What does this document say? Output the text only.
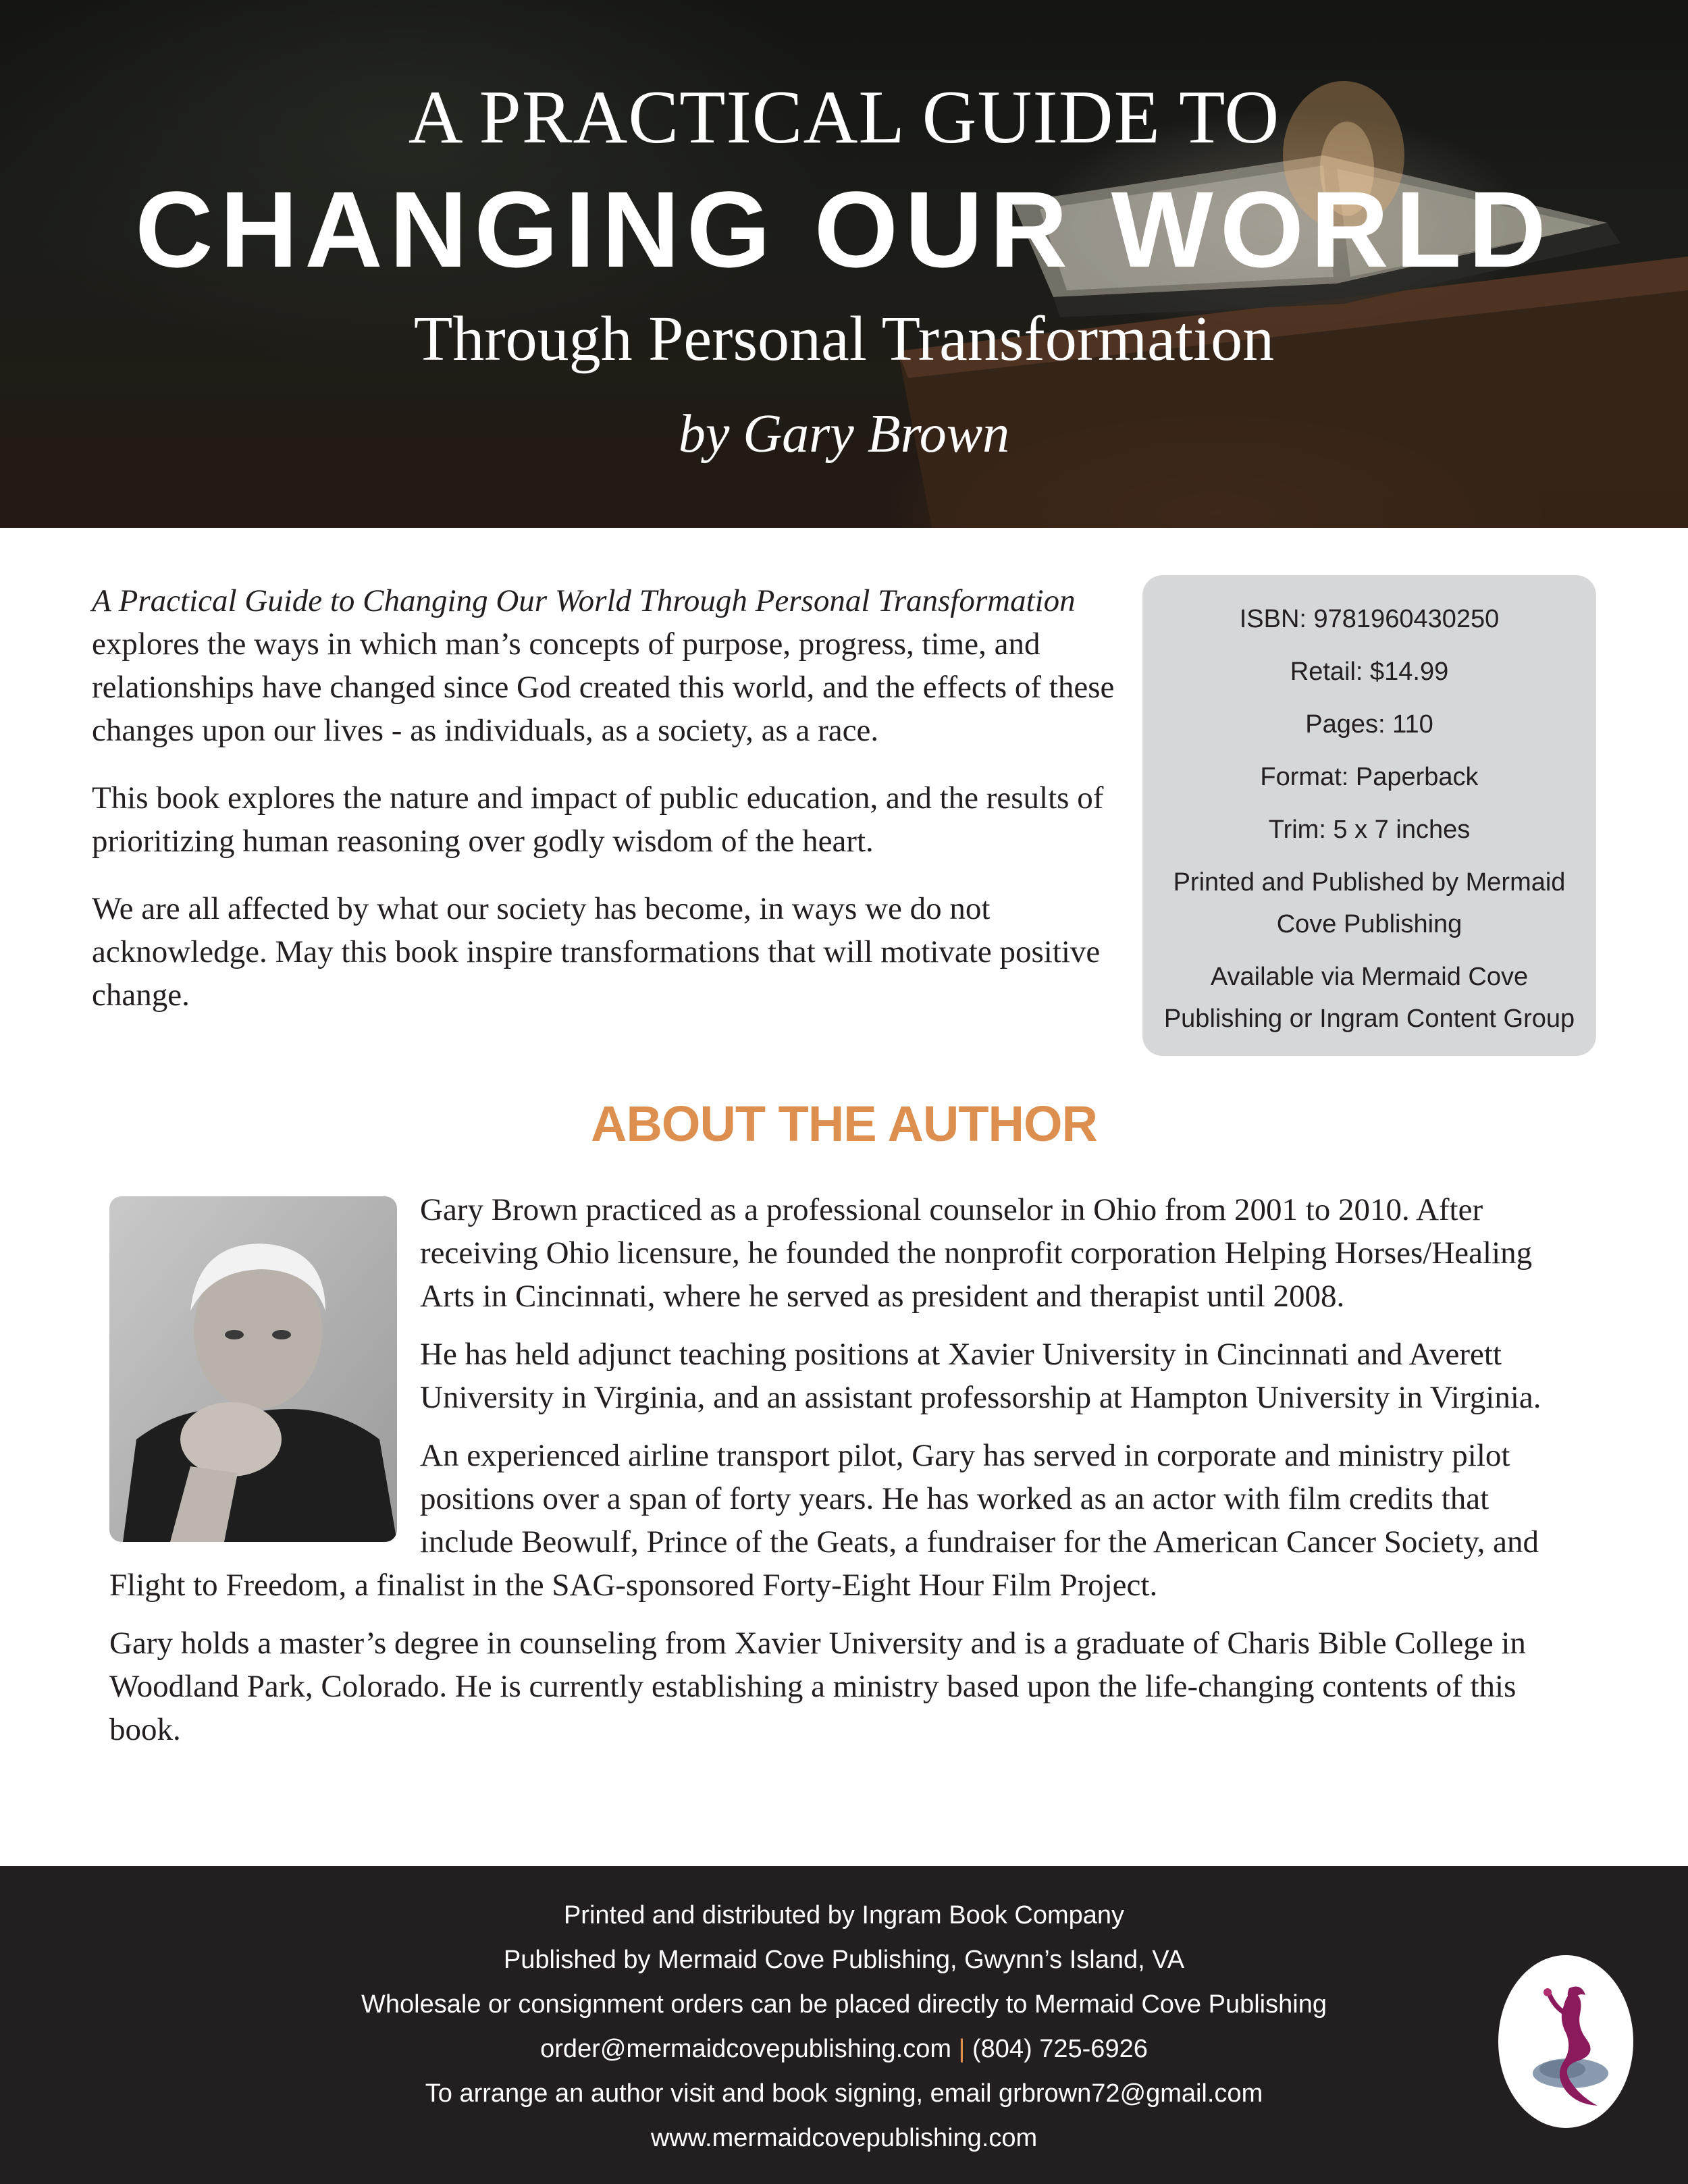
A PRACTICAL GUIDE TO
CHANGING OUR WORLD
Through Personal Transformation
by Gary Brown

A Practical Guide to Changing Our World Through Personal Transformation explores the ways in which man’s concepts of purpose, progress, time, and relationships have changed since God created this world, and the effects of these changes upon our lives - as individuals, as a society, as a race.

This book explores the nature and impact of public education, and the results of prioritizing human reasoning over godly wisdom of the heart.

We are all affected by what our society has become, in ways we do not acknowledge. May this book inspire transformations that will motivate positive change.

ISBN: 9781960430250
Retail: $14.99
Pages: 110
Format: Paperback
Trim: 5 x 7 inches
Printed and Published by Mermaid
Cove Publishing
Available via Mermaid Cove
Publishing or Ingram Content Group
ABOUT THE AUTHOR

Gary Brown practiced as a professional counselor in Ohio from 2001 to 2010. After receiving Ohio licensure, he founded the nonprofit corporation Helping Horses/Healing Arts in Cincinnati, where he served as president and therapist until 2008.

He has held adjunct teaching positions at Xavier University in Cincinnati and Averett University in Virginia, and an assistant professorship at Hampton University in Virginia.

An experienced airline transport pilot, Gary has served in corporate and ministry pilot positions over a span of forty years. He has worked as an actor with film credits that include Beowulf, Prince of the Geats, a fundraiser for the American Cancer Society, and Flight to Freedom, a finalist in the SAG-sponsored Forty-Eight Hour Film Project.

Gary holds a master’s degree in counseling from Xavier University and is a graduate of Charis Bible College in Woodland Park, Colorado. He is currently establishing a ministry based upon the life-changing contents of this book.

Printed and distributed by Ingram Book Company
Published by Mermaid Cove Publishing, Gwynn’s Island, VA
Wholesale or consignment orders can be placed directly to Mermaid Cove Publishing
order@mermaidcovepublishing.com | (804) 725-6926
To arrange an author visit and book signing, email grbrown72@gmail.com
www.mermaidcovepublishing.com
